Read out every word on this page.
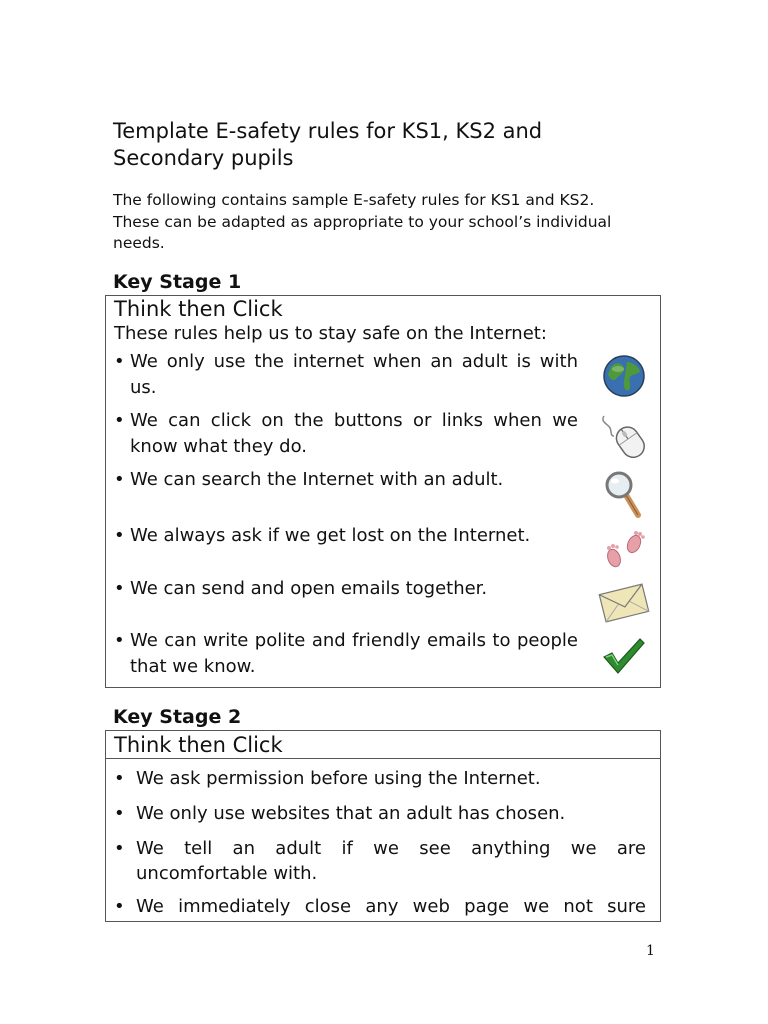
Template E-safety rules for KS1, KS2 and Secondary pupils

The following contains sample E-safety rules for KS1 and KS2. These can be adapted as appropriate to your school’s individual needs.

Key Stage 1
Think then Click
These rules help us to stay safe on the Internet:
• We only use the internet when an adult is with us.
• We can click on the buttons or links when we know what they do.
• We can search the Internet with an adult.
• We always ask if we get lost on the Internet.
• We can send and open emails together.
• We can write polite and friendly emails to people that we know.
Key Stage 2
Think then Click
• We ask permission before using the Internet.
• We only use websites that an adult has chosen.
• We tell an adult if we see anything we are uncomfortable with.
• We immediately close any web page we not sure
1
